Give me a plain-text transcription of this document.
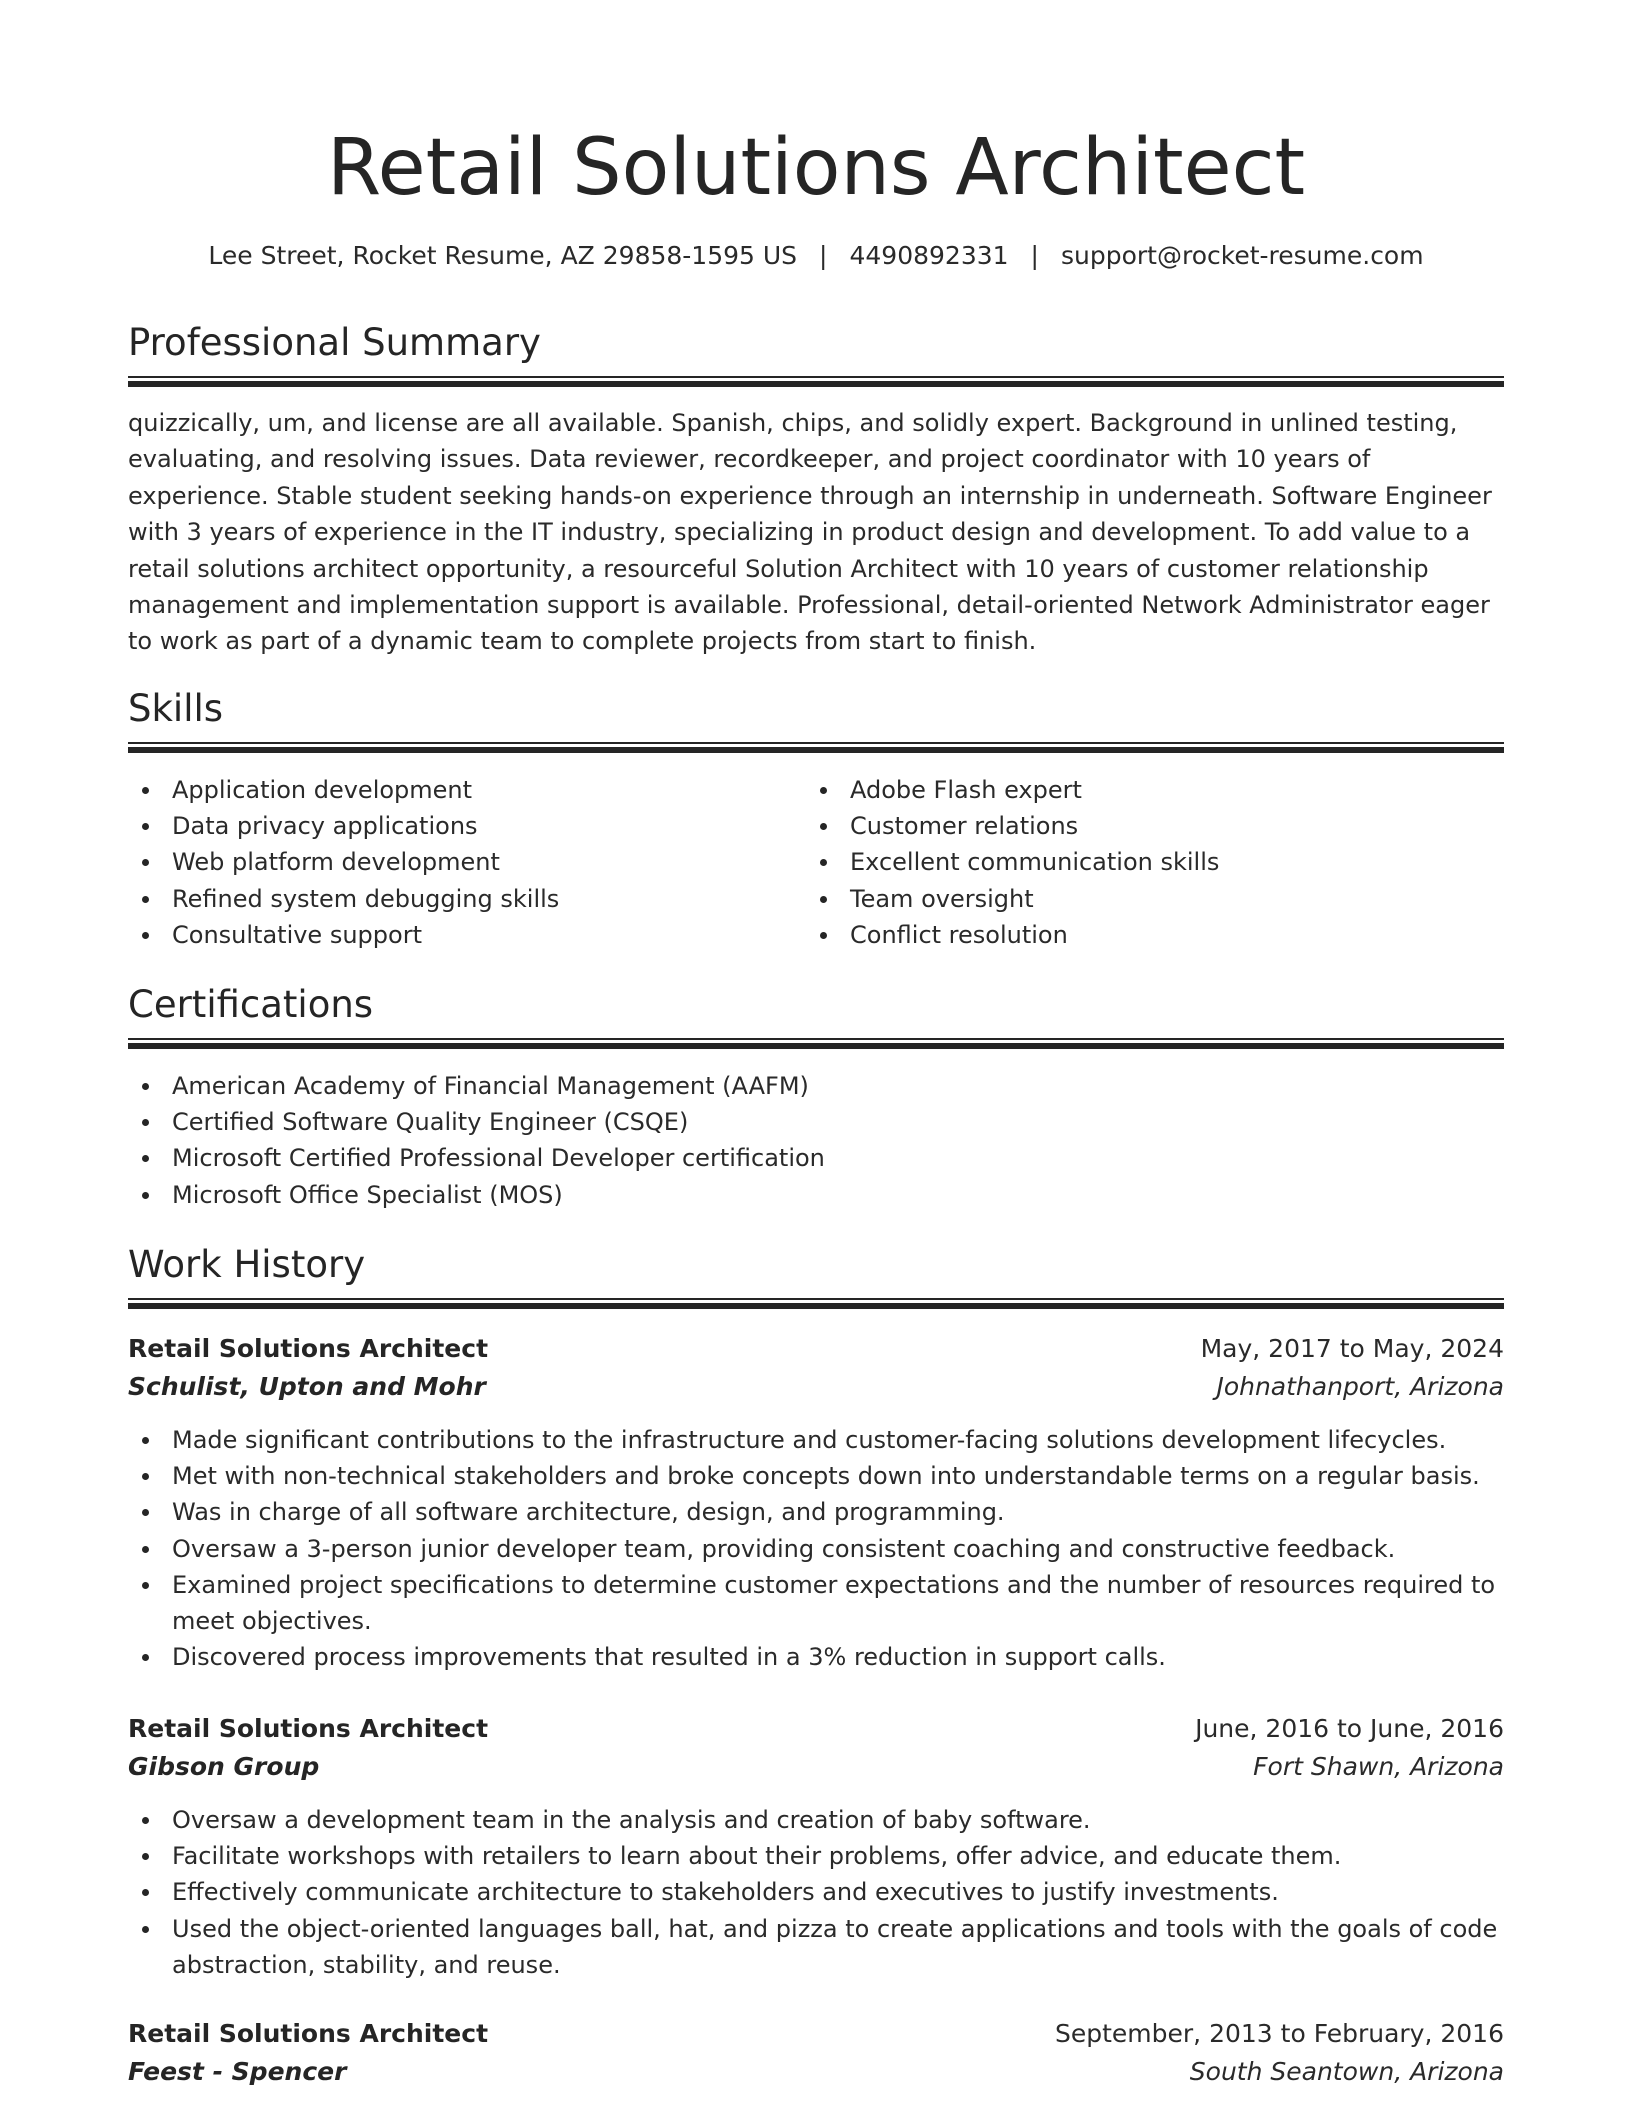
Retail Solutions Architect
Lee Street, Rocket Resume, AZ 29858-1595 US | 4490892331 | support@rocket-resume.com
Professional Summary

quizzically, um, and license are all available. Spanish, chips, and solidly expert. Background in unlined testing, evaluating, and resolving issues. Data reviewer, recordkeeper, and project coordinator with 10 years of experience. Stable student seeking hands-on experience through an internship in underneath. Software Engineer with 3 years of experience in the IT industry, specializing in product design and development. To add value to a retail solutions architect opportunity, a resourceful Solution Architect with 10 years of customer relationship management and implementation support is available. Professional, detail-oriented Network Administrator eager to work as part of a dynamic team to complete projects from start to finish.

Skills
Application development
Data privacy applications
Web platform development
Refined system debugging skills
Consultative support
Adobe Flash expert
Customer relations
Excellent communication skills
Team oversight
Conflict resolution
Certifications
American Academy of Financial Management (AAFM)
Certified Software Quality Engineer (CSQE)
Microsoft Certified Professional Developer certification
Microsoft Office Specialist (MOS)
Work History
Retail Solutions Architect	May, 2017 to May, 2024
Schulist, Upton and Mohr	Johnathanport, Arizona
Made significant contributions to the infrastructure and customer-facing solutions development lifecycles.
Met with non-technical stakeholders and broke concepts down into understandable terms on a regular basis.
Was in charge of all software architecture, design, and programming.
Oversaw a 3-person junior developer team, providing consistent coaching and constructive feedback.
Examined project specifications to determine customer expectations and the number of resources required to meet objectives.
Discovered process improvements that resulted in a 3% reduction in support calls.
Retail Solutions Architect	June, 2016 to June, 2016
Gibson Group	Fort Shawn, Arizona
Oversaw a development team in the analysis and creation of baby software.
Facilitate workshops with retailers to learn about their problems, offer advice, and educate them.
Effectively communicate architecture to stakeholders and executives to justify investments.
Used the object-oriented languages ball, hat, and pizza to create applications and tools with the goals of code abstraction, stability, and reuse.
Retail Solutions Architect	September, 2013 to February, 2016
Feest - Spencer	South Seantown, Arizona
